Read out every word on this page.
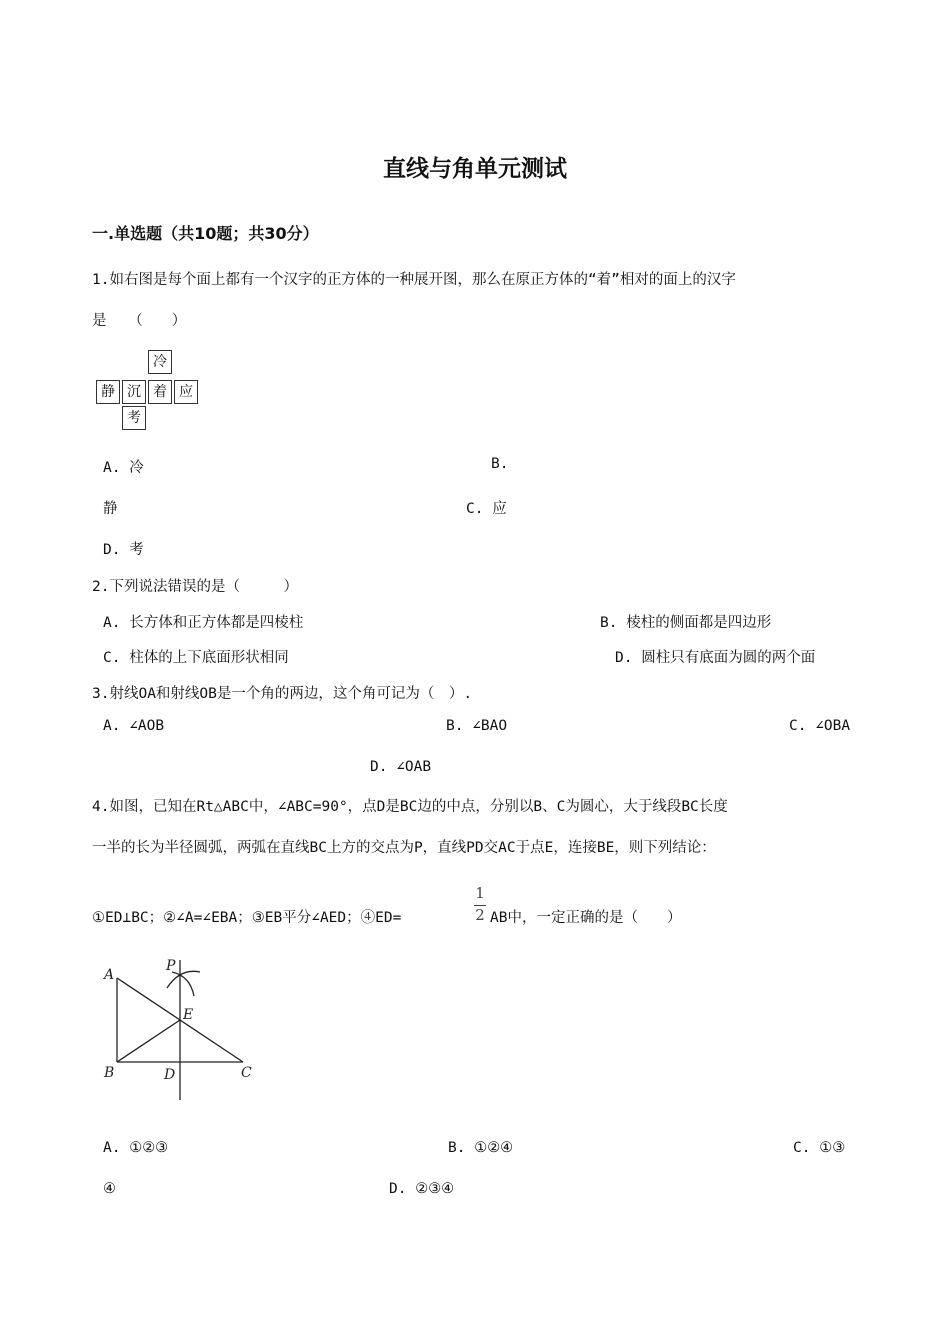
直线与角单元测试
一.单选题（共10题；共30分）
1.如右图是每个面上都有一个汉字的正方体的一种展开图，那么在原正方体的“着”相对的面上的汉字
是　　（　　）
冷
静 沉 着 应
考
A. 冷	B.
静	C. 应
D. 考
2.下列说法错误的是（　　　）
A. 长方体和正方体都是四棱柱	B. 棱柱的侧面都是四边形
C. 柱体的上下底面形状相同	D. 圆柱只有底面为圆的两个面
3.射线OA和射线OB是一个角的两边，这个角可记为（　）.
A. ∠AOB	B. ∠BAO	C. ∠OBA
D. ∠OAB
4.如图，已知在Rt△ABC中，∠ABC=90°，点D是BC边的中点，分别以B、C为圆心，大于线段BC长度
一半的长为半径圆弧，两弧在直线BC上方的交点为P，直线PD交AC于点E，连接BE，则下列结论：
①ED⊥BC；②∠A=∠EBA；③EB平分∠AED；④ED=
1
2 AB中，一定正确的是（　　）
A
B	C
D
E
P
A. ①②③	B. ①②④	C. ①③
④	D. ②③④
